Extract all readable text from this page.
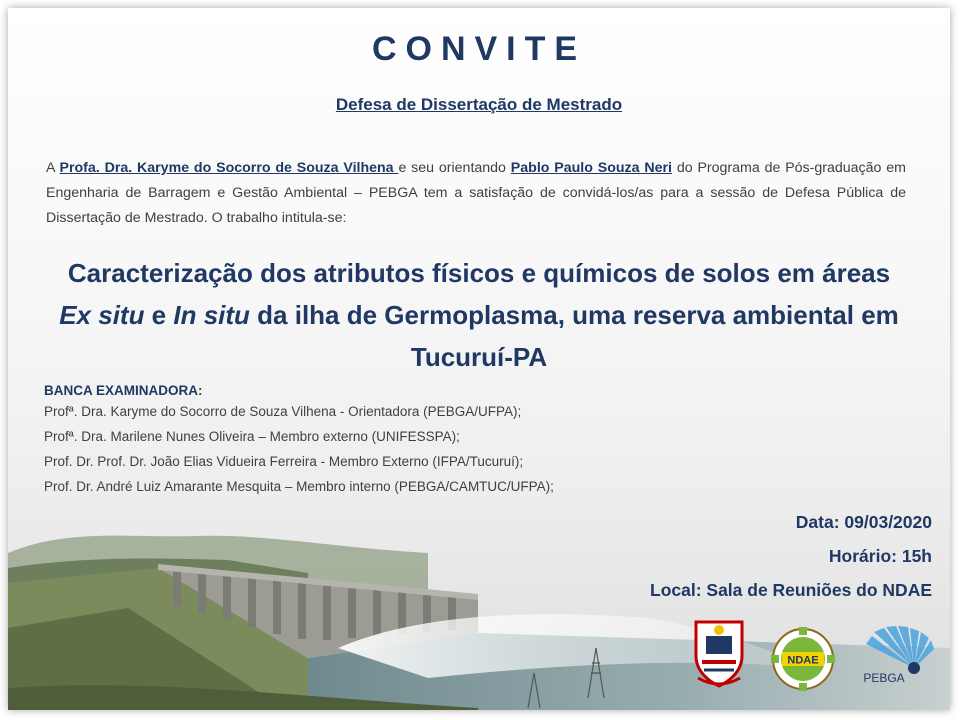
CONVITE
Defesa de Dissertação de Mestrado
A Profa. Dra. Karyme do Socorro de Souza Vilhena e seu orientando Pablo Paulo Souza Neri do Programa de Pós-graduação em Engenharia de Barragem e Gestão Ambiental – PEBGA tem a satisfação de convidá-los/as para a sessão de Defesa Pública de Dissertação de Mestrado. O trabalho intitula-se:
Caracterização dos atributos físicos e químicos de solos em áreas
Ex situ e In situ da ilha de Germoplasma, uma reserva ambiental em
Tucuruí-PA
BANCA EXAMINADORA:
Profª. Dra. Karyme do Socorro de Souza Vilhena - Orientadora (PEBGA/UFPA);
Profª. Dra. Marilene Nunes Oliveira – Membro externo (UNIFESSPA);
Prof. Dr. Prof. Dr. João Elias Vidueira Ferreira - Membro Externo (IFPA/Tucuruí);
Prof. Dr. André Luiz Amarante Mesquita – Membro interno (PEBGA/CAMTUC/UFPA);
Data: 09/03/2020
Horário: 15h
Local: Sala de Reuniões do NDAE
NDAE
PEBGA
